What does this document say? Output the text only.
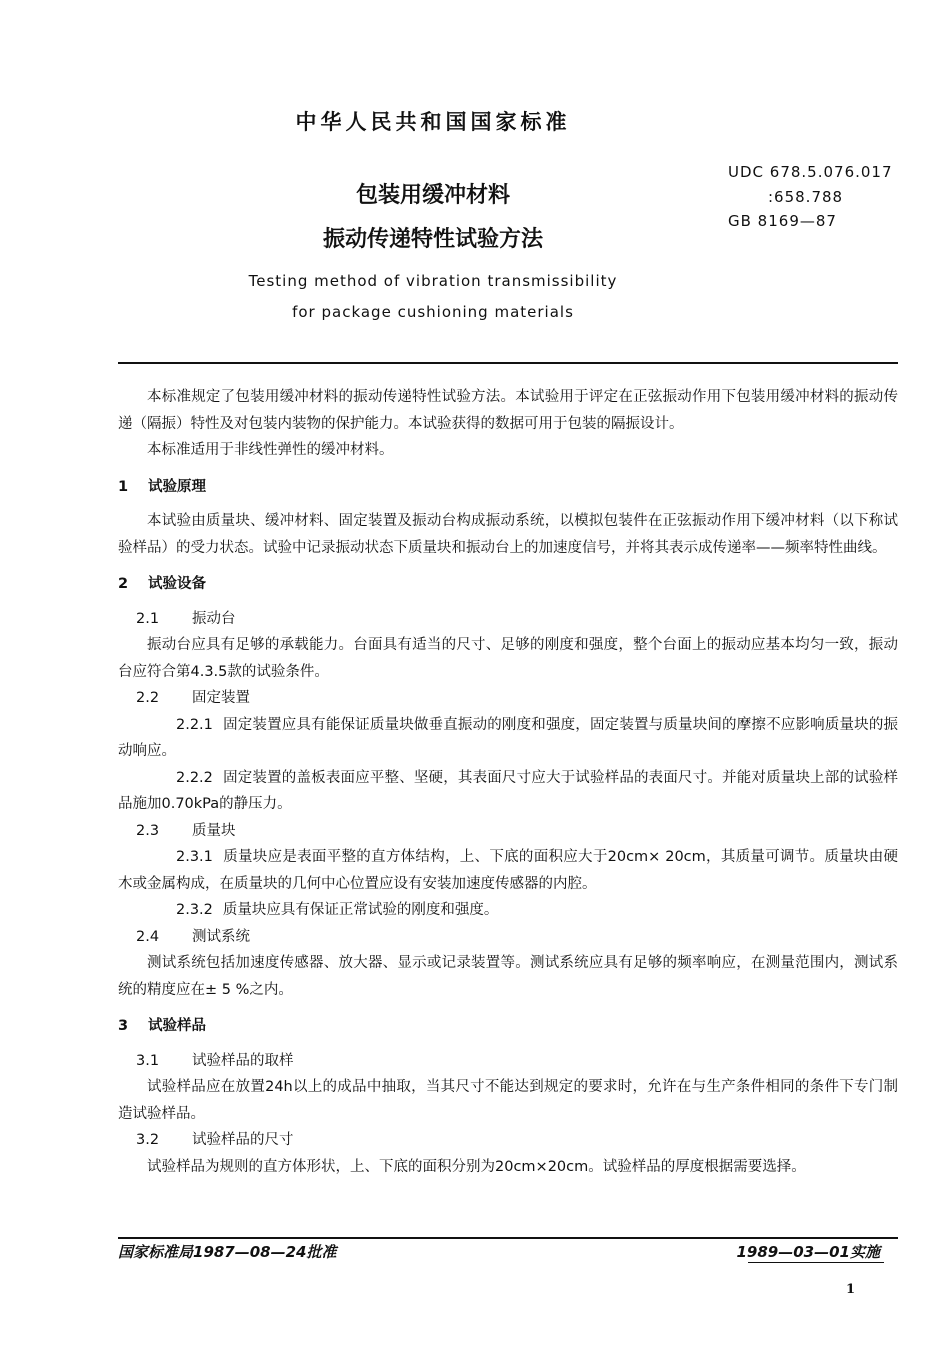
中华人民共和国国家标准
包装用缓冲材料
振动传递特性试验方法
UDC 678.5.076.017
:658.788
GB 8169—87
Testing method of vibration transmissibility
for package cushioning materials

本标准规定了包装用缓冲材料的振动传递特性试验方法。本试验用于评定在正弦振动作用下包装用缓冲材料的振动传递（隔振）特性及对包装内装物的保护能力。本试验获得的数据可用于包装的隔振设计。

本标准适用于非线性弹性的缓冲材料。

1 试验原理

本试验由质量块、缓冲材料、固定装置及振动台构成振动系统，以模拟包装件在正弦振动作用下缓冲材料（以下称试验样品）的受力状态。试验中记录振动状态下质量块和振动台上的加速度信号，并将其表示成传递率——频率特性曲线。

2 试验设备

2.1 振动台

振动台应具有足够的承载能力。台面具有适当的尺寸、足够的刚度和强度，整个台面上的振动应基本均匀一致，振动台应符合第4.3.5款的试验条件。

2.2 固定装置

2.2.1 固定装置应具有能保证质量块做垂直振动的刚度和强度，固定装置与质量块间的摩擦不应影响质量块的振动响应。

2.2.2 固定装置的盖板表面应平整、坚硬，其表面尺寸应大于试验样品的表面尺寸。并能对质量块上部的试验样品施加0.70kPa的静压力。

2.3 质量块

2.3.1 质量块应是表面平整的直方体结构，上、下底的面积应大于20cm× 20cm，其质量可调节。质量块由硬木或金属构成，在质量块的几何中心位置应设有安装加速度传感器的内腔。

2.3.2 质量块应具有保证正常试验的刚度和强度。

2.4 测试系统

测试系统包括加速度传感器、放大器、显示或记录装置等。测试系统应具有足够的频率响应，在测量范围内，测试系统的精度应在± 5 %之内。

3 试验样品

3.1 试验样品的取样

试验样品应在放置24h以上的成品中抽取，当其尺寸不能达到规定的要求时，允许在与生产条件相同的条件下专门制造试验样品。

3.2 试验样品的尺寸

试验样品为规则的直方体形状，上、下底的面积分别为20cm×20cm。试验样品的厚度根据需要选择。

国家标准局1987—08—24批准	1989—03—01实施
1
